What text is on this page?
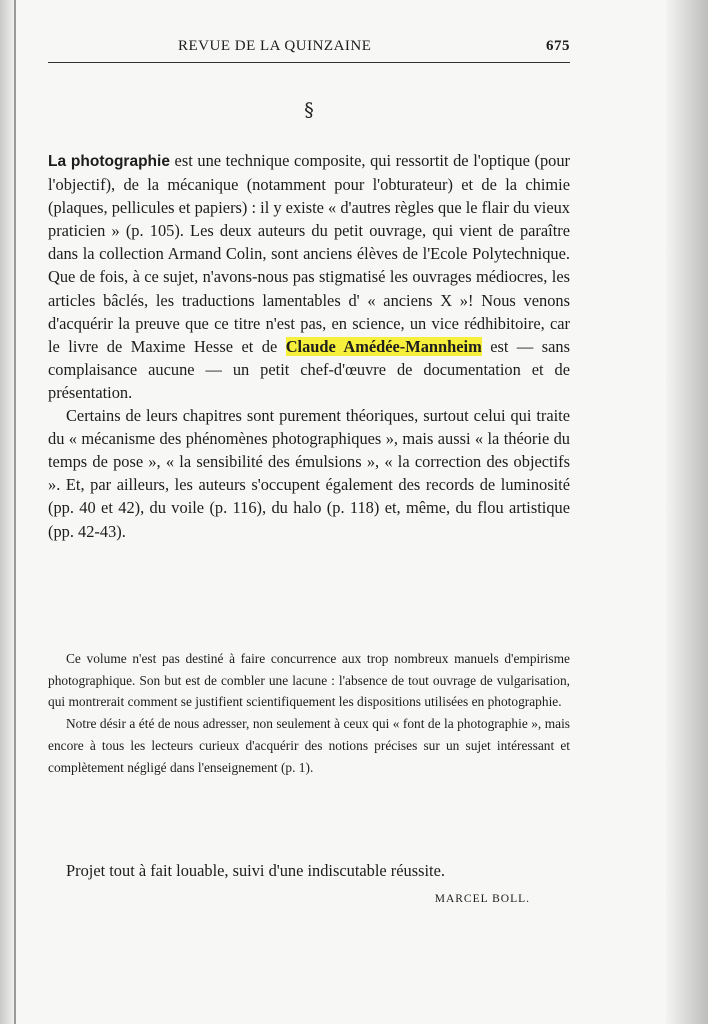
REVUE DE LA QUINZAINE	675
§

La photographie est une technique composite, qui ressortit de l'optique (pour l'objectif), de la mécanique (notamment pour l'obturateur) et de la chimie (plaques, pellicules et papiers) : il y existe « d'autres règles que le flair du vieux praticien » (p. 105). Les deux auteurs du petit ouvrage, qui vient de paraître dans la collection Armand Colin, sont anciens élèves de l'Ecole Polytechnique. Que de fois, à ce sujet, n'avons-nous pas stigmatisé les ouvrages médiocres, les articles bâclés, les traductions lamentables d' « anciens X »! Nous venons d'acquérir la preuve que ce titre n'est pas, en science, un vice rédhibitoire, car le livre de Maxime Hesse et de Claude Amédée-Mannheim est — sans complaisance aucune — un petit chef-d'œuvre de documentation et de présentation.

Certains de leurs chapitres sont purement théoriques, surtout celui qui traite du « mécanisme des phénomènes photographiques », mais aussi « la théorie du temps de pose », « la sensibilité des émulsions », « la correction des objectifs ». Et, par ailleurs, les auteurs s'occupent également des records de luminosité (pp. 40 et 42), du voile (p. 116), du halo (p. 118) et, même, du flou artistique (pp. 42-43).

Ce volume n'est pas destiné à faire concurrence aux trop nombreux manuels d'empirisme photographique. Son but est de combler une lacune : l'absence de tout ouvrage de vulgarisation, qui montrerait comment se justifient scientifiquement les dispositions utilisées en photographie.

Notre désir a été de nous adresser, non seulement à ceux qui « font de la photographie », mais encore à tous les lecteurs curieux d'acquérir des notions précises sur un sujet intéressant et complètement négligé dans l'enseignement (p. 1).

Projet tout à fait louable, suivi d'une indiscutable réussite.

MARCEL BOLL.
